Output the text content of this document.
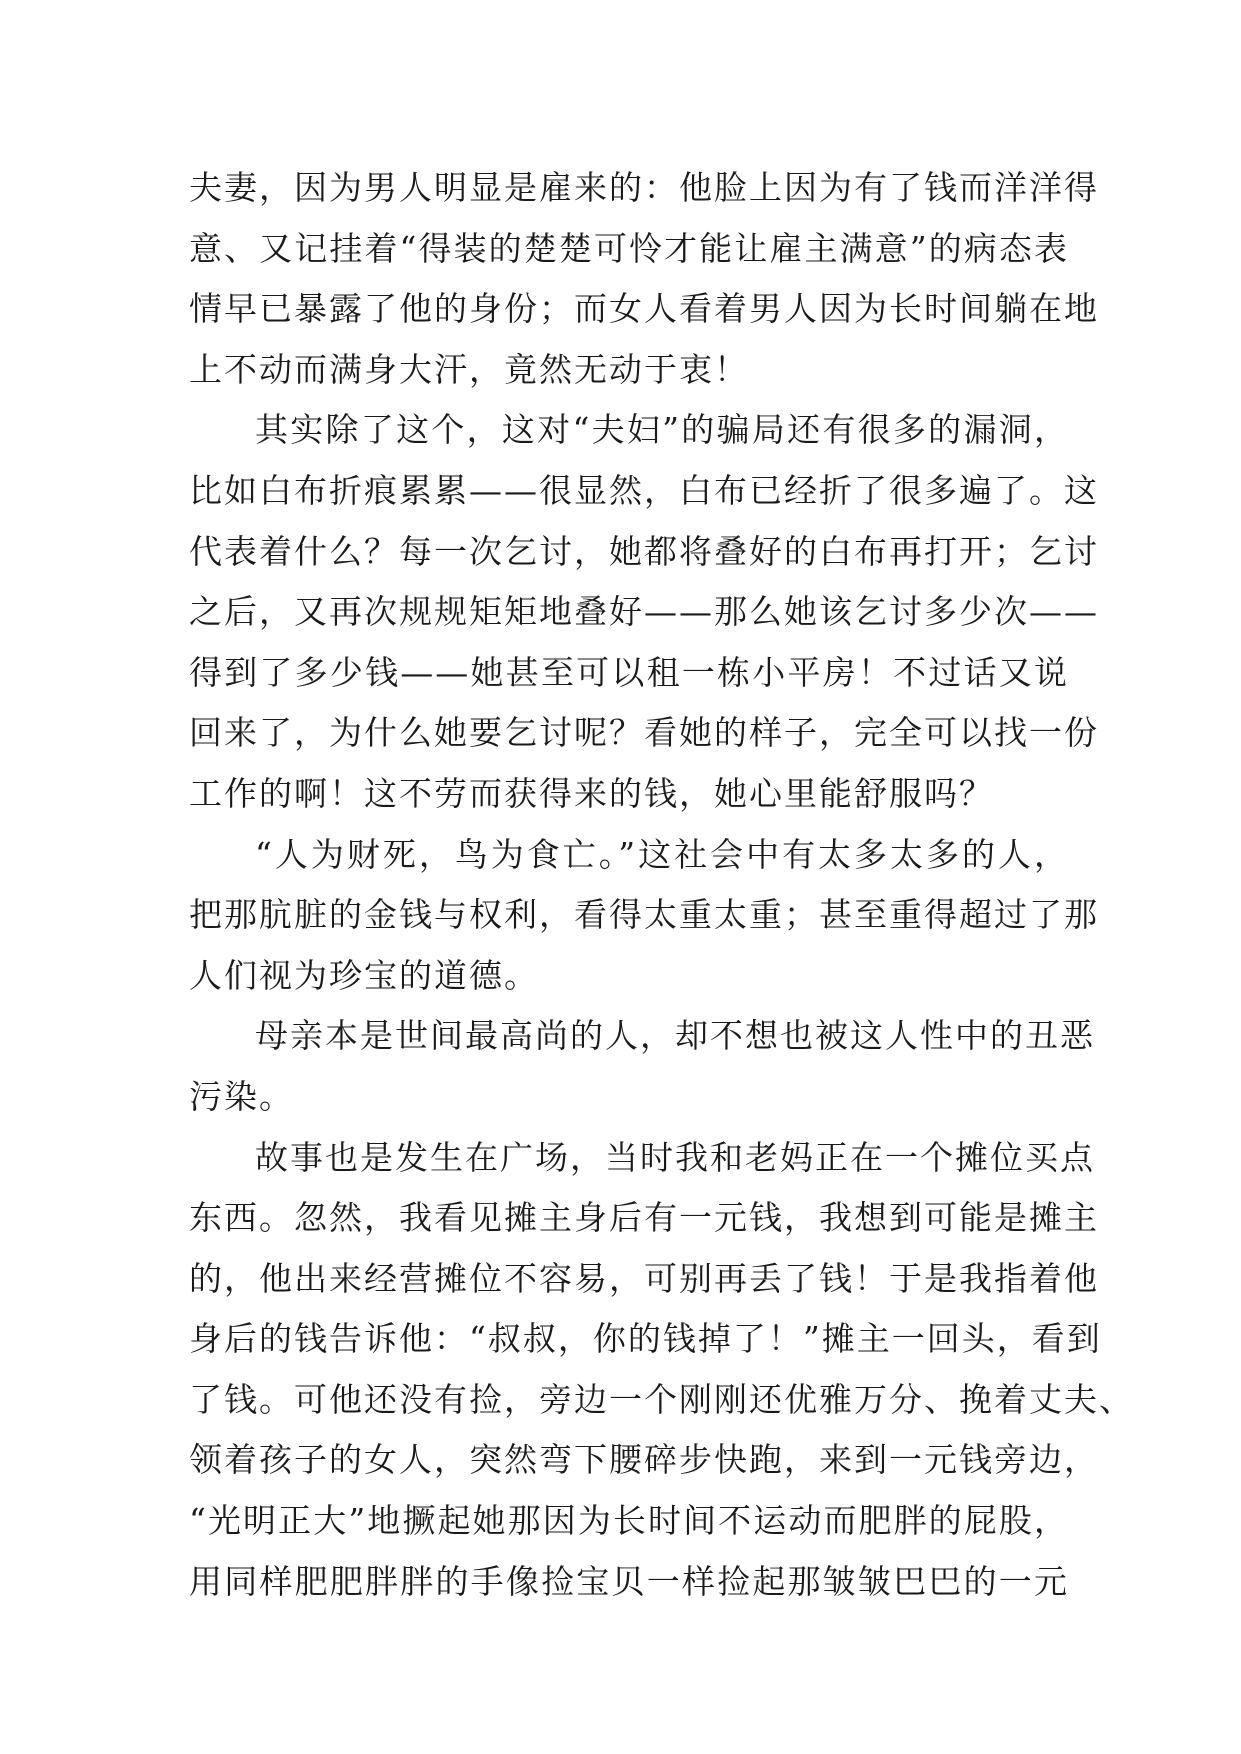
夫妻，因为男人明显是雇来的：他脸上因为有了钱而洋洋得
意、又记挂着“得装的楚楚可怜才能让雇主满意”的病态表
情早已暴露了他的身份；而女人看着男人因为长时间躺在地
上不动而满身大汗，竟然无动于衷！
其实除了这个，这对“夫妇”的骗局还有很多的漏洞，
比如白布折痕累累——很显然，白布已经折了很多遍了。这
代表着什么？每一次乞讨，她都将叠好的白布再打开；乞讨
之后，又再次规规矩矩地叠好——那么她该乞讨多少次——
得到了多少钱——她甚至可以租一栋小平房！不过话又说
回来了，为什么她要乞讨呢？看她的样子，完全可以找一份
工作的啊！这不劳而获得来的钱，她心里能舒服吗？
“人为财死，鸟为食亡。”这社会中有太多太多的人，
把那肮脏的金钱与权利，看得太重太重；甚至重得超过了那
人们视为珍宝的道德。
母亲本是世间最高尚的人，却不想也被这人性中的丑恶
污染。
故事也是发生在广场，当时我和老妈正在一个摊位买点
东西。忽然，我看见摊主身后有一元钱，我想到可能是摊主
的，他出来经营摊位不容易，可别再丢了钱！于是我指着他
身后的钱告诉他：“叔叔，你的钱掉了！”摊主一回头，看到
了钱。可他还没有捡，旁边一个刚刚还优雅万分、挽着丈夫、
领着孩子的女人，突然弯下腰碎步快跑，来到一元钱旁边，
“光明正大”地撅起她那因为长时间不运动而肥胖的屁股，
用同样肥肥胖胖的手像捡宝贝一样捡起那皱皱巴巴的一元
